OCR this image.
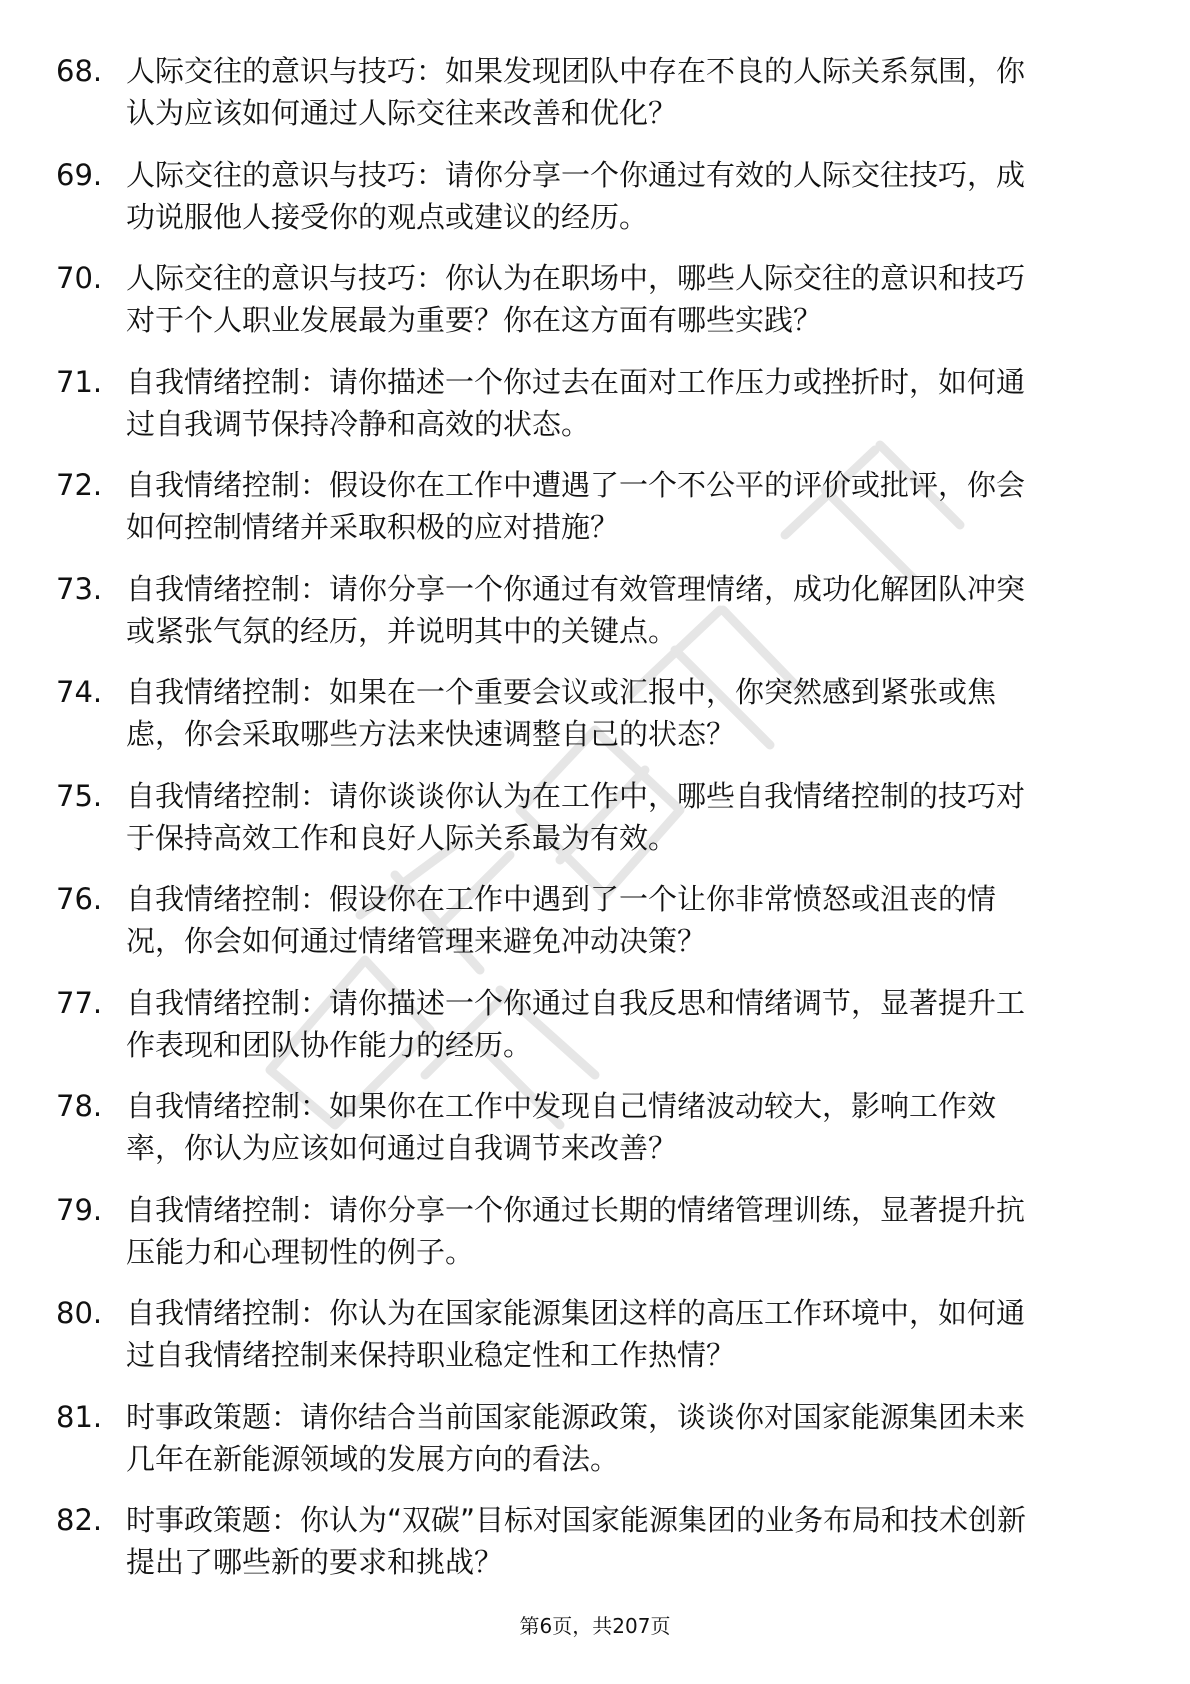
68. 人际交往的意识与技巧：如果发现团队中存在不良的人际关系氛围，你认为应该如何通过人际交往来改善和优化？
69. 人际交往的意识与技巧：请你分享一个你通过有效的人际交往技巧，成功说服他人接受你的观点或建议的经历。
70. 人际交往的意识与技巧：你认为在职场中，哪些人际交往的意识和技巧对于个人职业发展最为重要？你在这方面有哪些实践？
71. 自我情绪控制：请你描述一个你过去在面对工作压力或挫折时，如何通过自我调节保持冷静和高效的状态。
72. 自我情绪控制：假设你在工作中遭遇了一个不公平的评价或批评，你会如何控制情绪并采取积极的应对措施？
73. 自我情绪控制：请你分享一个你通过有效管理情绪，成功化解团队冲突或紧张气氛的经历，并说明其中的关键点。
74. 自我情绪控制：如果在一个重要会议或汇报中，你突然感到紧张或焦虑，你会采取哪些方法来快速调整自己的状态？
75. 自我情绪控制：请你谈谈你认为在工作中，哪些自我情绪控制的技巧对于保持高效工作和良好人际关系最为有效。
76. 自我情绪控制：假设你在工作中遇到了一个让你非常愤怒或沮丧的情况，你会如何通过情绪管理来避免冲动决策？
77. 自我情绪控制：请你描述一个你通过自我反思和情绪调节，显著提升工作表现和团队协作能力的经历。
78. 自我情绪控制：如果你在工作中发现自己情绪波动较大，影响工作效率，你认为应该如何通过自我调节来改善？
79. 自我情绪控制：请你分享一个你通过长期的情绪管理训练，显著提升抗压能力和心理韧性的例子。
80. 自我情绪控制：你认为在国家能源集团这样的高压工作环境中，如何通过自我情绪控制来保持职业稳定性和工作热情？
81. 时事政策题：请你结合当前国家能源政策，谈谈你对国家能源集团未来几年在新能源领域的发展方向的看法。
82. 时事政策题：你认为“双碳”目标对国家能源集团的业务布局和技术创新提出了哪些新的要求和挑战？
第6页，共207页
